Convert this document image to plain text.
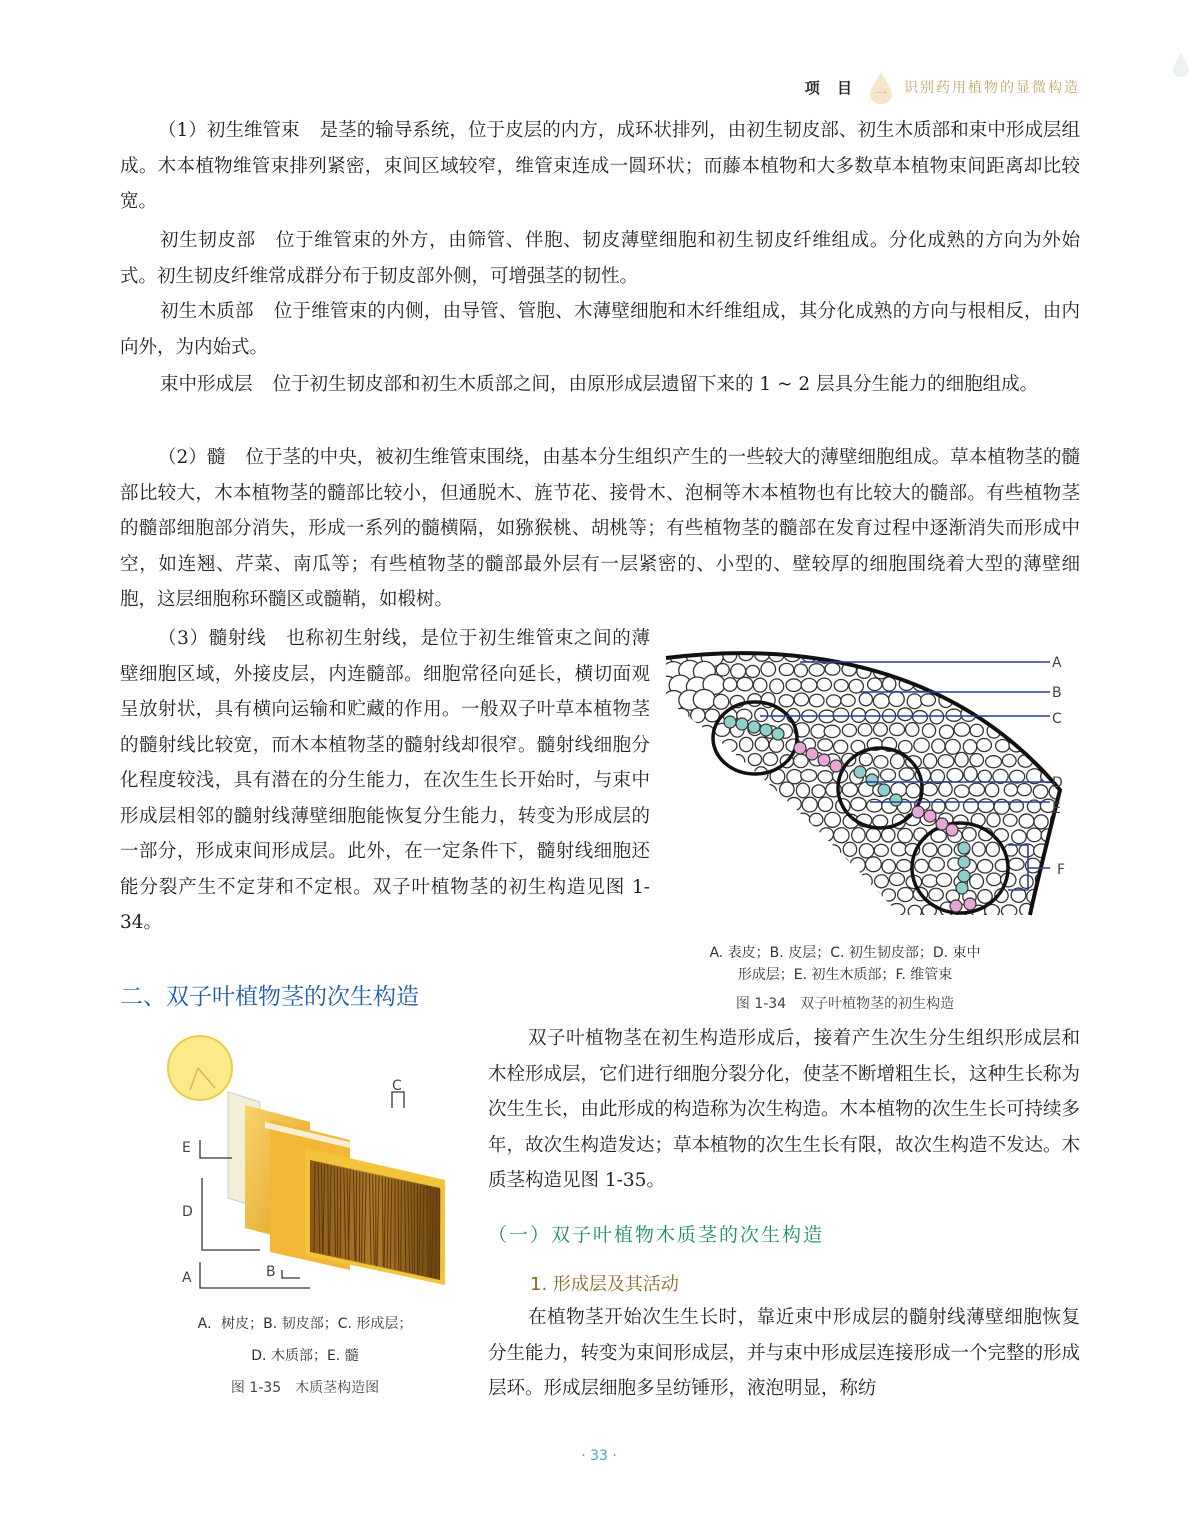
项 目 一 识别药用植物的显微构造

（1）初生维管束 是茎的输导系统，位于皮层的内方，成环状排列，由初生韧皮部、初生木质部和束中形成层组成。木本植物维管束排列紧密，束间区域较窄，维管束连成一圆环状；而藤本植物和大多数草本植物束间距离却比较宽。

初生韧皮部 位于维管束的外方，由筛管、伴胞、韧皮薄壁细胞和初生韧皮纤维组成。分化成熟的方向为外始式。初生韧皮纤维常成群分布于韧皮部外侧，可增强茎的韧性。

初生木质部 位于维管束的内侧，由导管、管胞、木薄壁细胞和木纤维组成，其分化成熟的方向与根相反，由内向外，为内始式。

束中形成层 位于初生韧皮部和初生木质部之间，由原形成层遗留下来的 1 ~ 2 层具分生能力的细胞组成。

（2）髓 位于茎的中央，被初生维管束围绕，由基本分生组织产生的一些较大的薄壁细胞组成。草本植物茎的髓部比较大，木本植物茎的髓部比较小，但通脱木、旌节花、接骨木、泡桐等木本植物也有比较大的髓部。有些植物茎的髓部细胞部分消失，形成一系列的髓横隔，如猕猴桃、胡桃等；有些植物茎的髓部在发育过程中逐渐消失而形成中空，如连翘、芹菜、南瓜等；有些植物茎的髓部最外层有一层紧密的、小型的、壁较厚的细胞围绕着大型的薄壁细胞，这层细胞称环髓区或髓鞘，如椴树。

（3）髓射线 也称初生射线，是位于初生维管束之间的薄壁细胞区域，外接皮层，内连髓部。细胞常径向延长，横切面观呈放射状，具有横向运输和贮藏的作用。一般双子叶草本植物茎的髓射线比较宽，而木本植物茎的髓射线却很窄。髓射线细胞分化程度较浅，具有潜在的分生能力，在次生生长开始时，与束中形成层相邻的髓射线薄壁细胞能恢复分生能力，转变为形成层的一部分，形成束间形成层。此外，在一定条件下，髓射线细胞还能分裂产生不定芽和不定根。双子叶植物茎的初生构造见图 1-34。

A
B
C
D
E
F
A. 表皮；B. 皮层；C. 初生韧皮部；D. 束中
形成层；E. 初生木质部；F. 维管束
图 1-34　双子叶植物茎的初生构造
二、双子叶植物茎的次生构造
E
D
A	B
C
A．树皮；B. 韧皮部；C. 形成层；
D. 木质部；E. 髓
图 1-35　木质茎构造图

双子叶植物茎在初生构造形成后，接着产生次生分生组织形成层和木栓形成层，它们进行细胞分裂分化，使茎不断增粗生长，这种生长称为次生生长，由此形成的构造称为次生构造。木本植物的次生生长可持续多年，故次生构造发达；草本植物的次生生长有限，故次生构造不发达。木质茎构造见图 1-35。

（一）双子叶植物木质茎的次生构造
1. 形成层及其活动

在植物茎开始次生生长时，靠近束中形成层的髓射线薄壁细胞恢复分生能力，转变为束间形成层，并与束中形成层连接形成一个完整的形成层环。形成层细胞多呈纺锤形，液泡明显，称纺

· 33 ·
